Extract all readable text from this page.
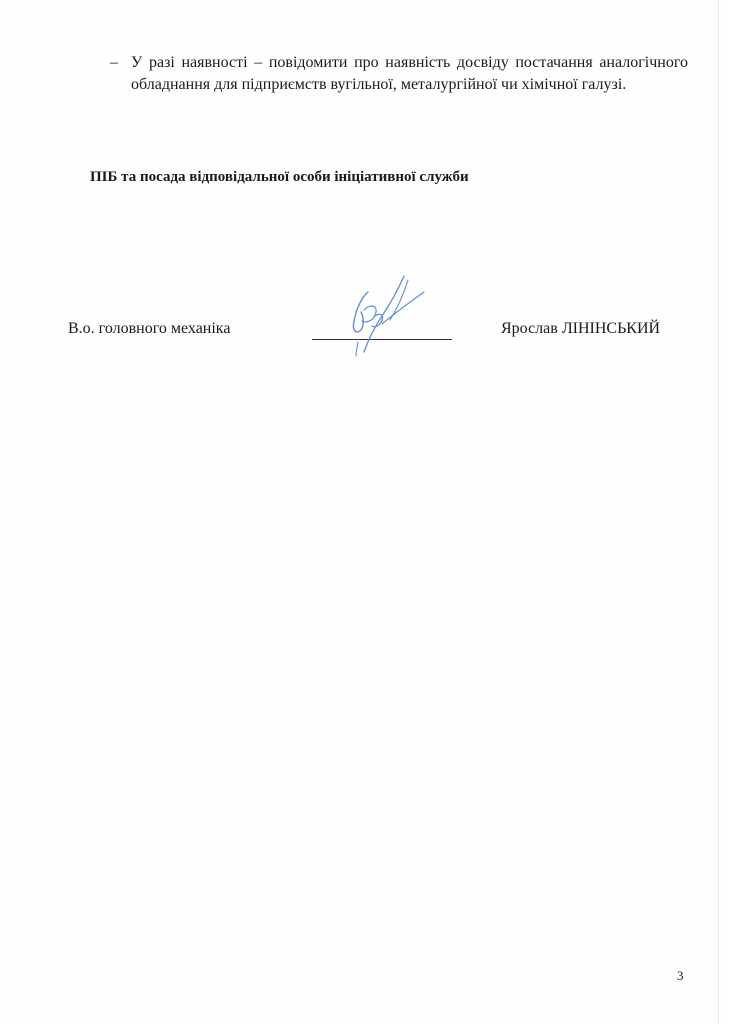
– У разі наявності – повідомити про наявність досвіду постачання аналогічного обладнання для підприємств вугільної, металургійної чи хімічної галузі.
ПІБ та посада відповідальної особи ініціативної служби
В.о. головного механіка	Ярослав ЛІНІНСЬКИЙ
3
